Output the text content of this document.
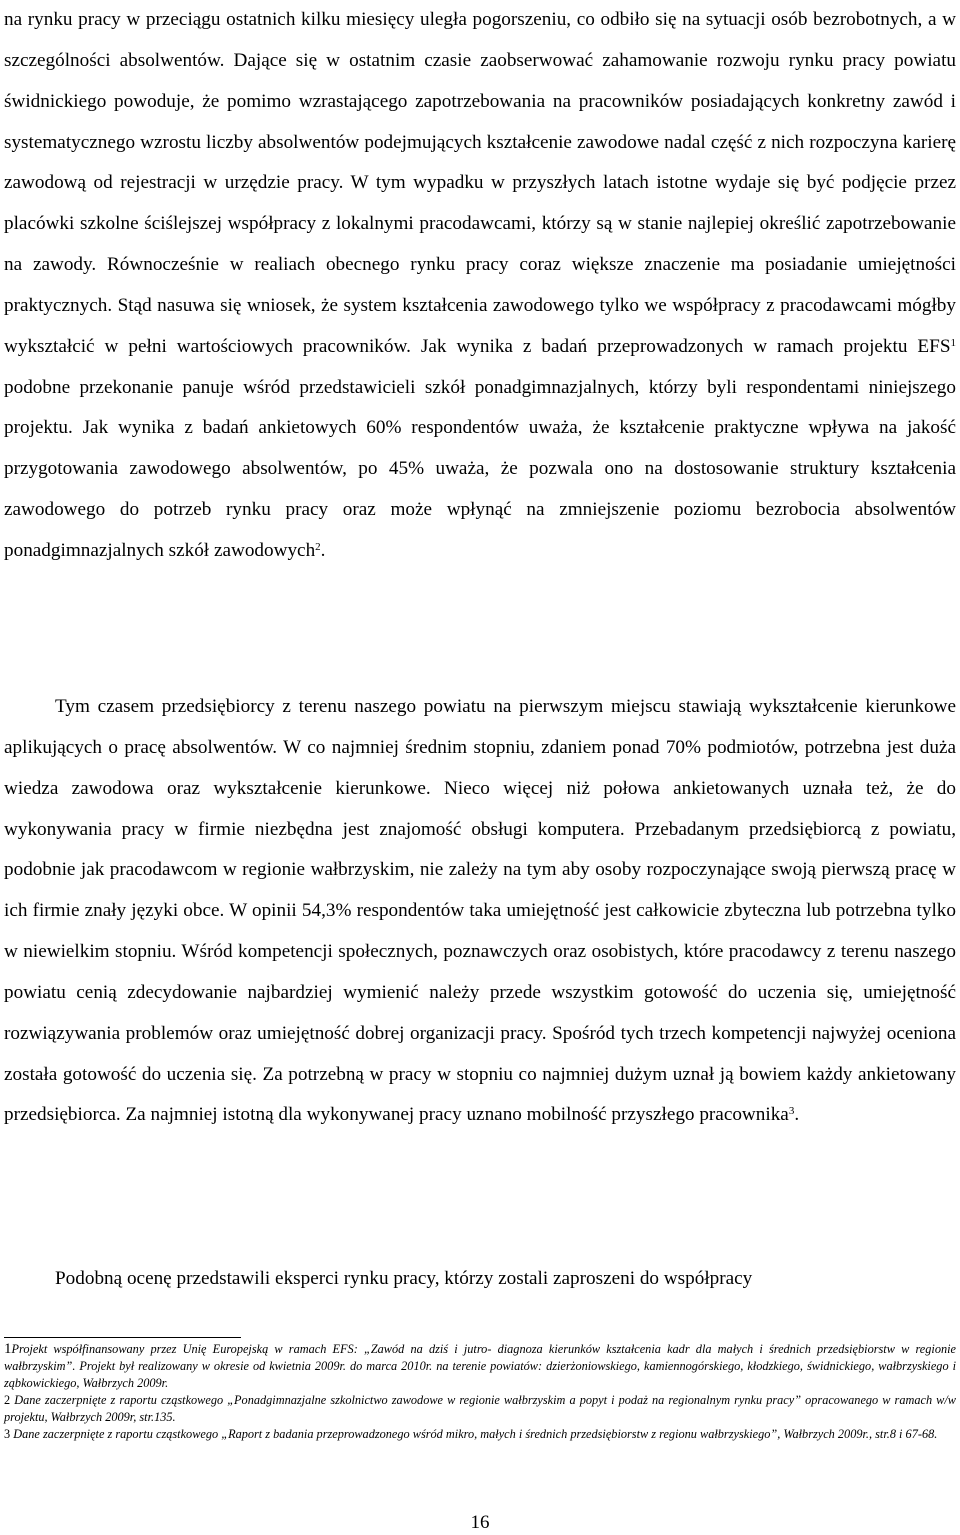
na rynku pracy w przeciągu ostatnich kilku miesięcy uległa pogorszeniu, co odbiło się na sytuacji osób bezrobotnych, a w szczególności absolwentów. Dające się w ostatnim czasie zaobserwować zahamowanie rozwoju rynku pracy powiatu świdnickiego powoduje, że pomimo wzrastającego zapotrzebowania na pracowników posiadających konkretny zawód i systematycznego wzrostu liczby absolwentów podejmujących kształcenie zawodowe nadal część z nich rozpoczyna karierę zawodową od rejestracji w urzędzie pracy. W tym wypadku w przyszłych latach istotne wydaje się być podjęcie przez placówki szkolne ściślejszej współpracy z lokalnymi pracodawcami, którzy są w stanie najlepiej określić zapotrzebowanie na zawody. Równocześnie w realiach obecnego rynku pracy coraz większe znaczenie ma posiadanie umiejętności praktycznych. Stąd nasuwa się wniosek, że system kształcenia zawodowego tylko we współpracy z pracodawcami mógłby wykształcić w pełni wartościowych pracowników. Jak wynika z badań przeprowadzonych w ramach projektu EFS$^1$ podobne przekonanie panuje wśród przedstawicieli szkół ponadgimnazjalnych, którzy byli respondentami niniejszego projektu. Jak wynika z badań ankietowych 60% respondentów uważa, że kształcenie praktyczne wpływa na jakość przygotowania zawodowego absolwentów, po 45% uważa, że pozwala ono na dostosowanie struktury kształcenia zawodowego do potrzeb rynku pracy oraz może wpłynąć na zmniejszenie poziomu bezrobocia absolwentów ponadgimnazjalnych szkół zawodowych$^2$.

Tym czasem przedsiębiorcy z terenu naszego powiatu na pierwszym miejscu stawiają wykształcenie kierunkowe aplikujących o pracę absolwentów. W co najmniej średnim stopniu, zdaniem ponad 70% podmiotów, potrzebna jest duża wiedza zawodowa oraz wykształcenie kierunkowe. Nieco więcej niż połowa ankietowanych uznała też, że do wykonywania pracy w firmie niezbędna jest znajomość obsługi komputera. Przebadanym przedsiębiorcą z powiatu, podobnie jak pracodawcom w regionie wałbrzyskim, nie zależy na tym aby osoby rozpoczynające swoją pierwszą pracę w ich firmie znały języki obce. W opinii 54,3% respondentów taka umiejętność jest całkowicie zbyteczna lub potrzebna tylko w niewielkim stopniu. Wśród kompetencji społecznych, poznawczych oraz osobistych, które pracodawcy z terenu naszego powiatu cenią zdecydowanie najbardziej wymienić należy przede wszystkim gotowość do uczenia się, umiejętność rozwiązywania problemów oraz umiejętność dobrej organizacji pracy. Spośród tych trzech kompetencji najwyżej oceniona została gotowość do uczenia się. Za potrzebną w pracy w stopniu co najmniej dużym uznał ją bowiem każdy ankietowany przedsiębiorca. Za najmniej istotną dla wykonywanej pracy uznano mobilność przyszłego pracownika$^3$.

Podobną ocenę przedstawili eksperci rynku pracy, którzy zostali zaproszeni do współpracy

1Projekt współfinansowany przez Unię Europejską w ramach EFS: „Zawód na dziś i jutro- diagnoza kierunków kształcenia kadr dla małych i średnich przedsiębiorstw w regionie wałbrzyskim”. Projekt był realizowany w okresie od kwietnia 2009r. do marca 2010r. na terenie powiatów: dzierżoniowskiego, kamiennogórskiego, kłodzkiego, świdnickiego, wałbrzyskiego i ząbkowickiego, Wałbrzych 2009r.

2 Dane zaczerpnięte z raportu cząstkowego „Ponadgimnazjalne szkolnictwo zawodowe w regionie wałbrzyskim a popyt i podaż na regionalnym rynku pracy” opracowanego w ramach w/w projektu, Wałbrzych 2009r, str.135.

3 Dane zaczerpnięte z raportu cząstkowego „Raport z badania przeprowadzonego wśród mikro, małych i średnich przedsiębiorstw z regionu wałbrzyskiego”, Wałbrzych 2009r., str.8 i 67-68.

16
